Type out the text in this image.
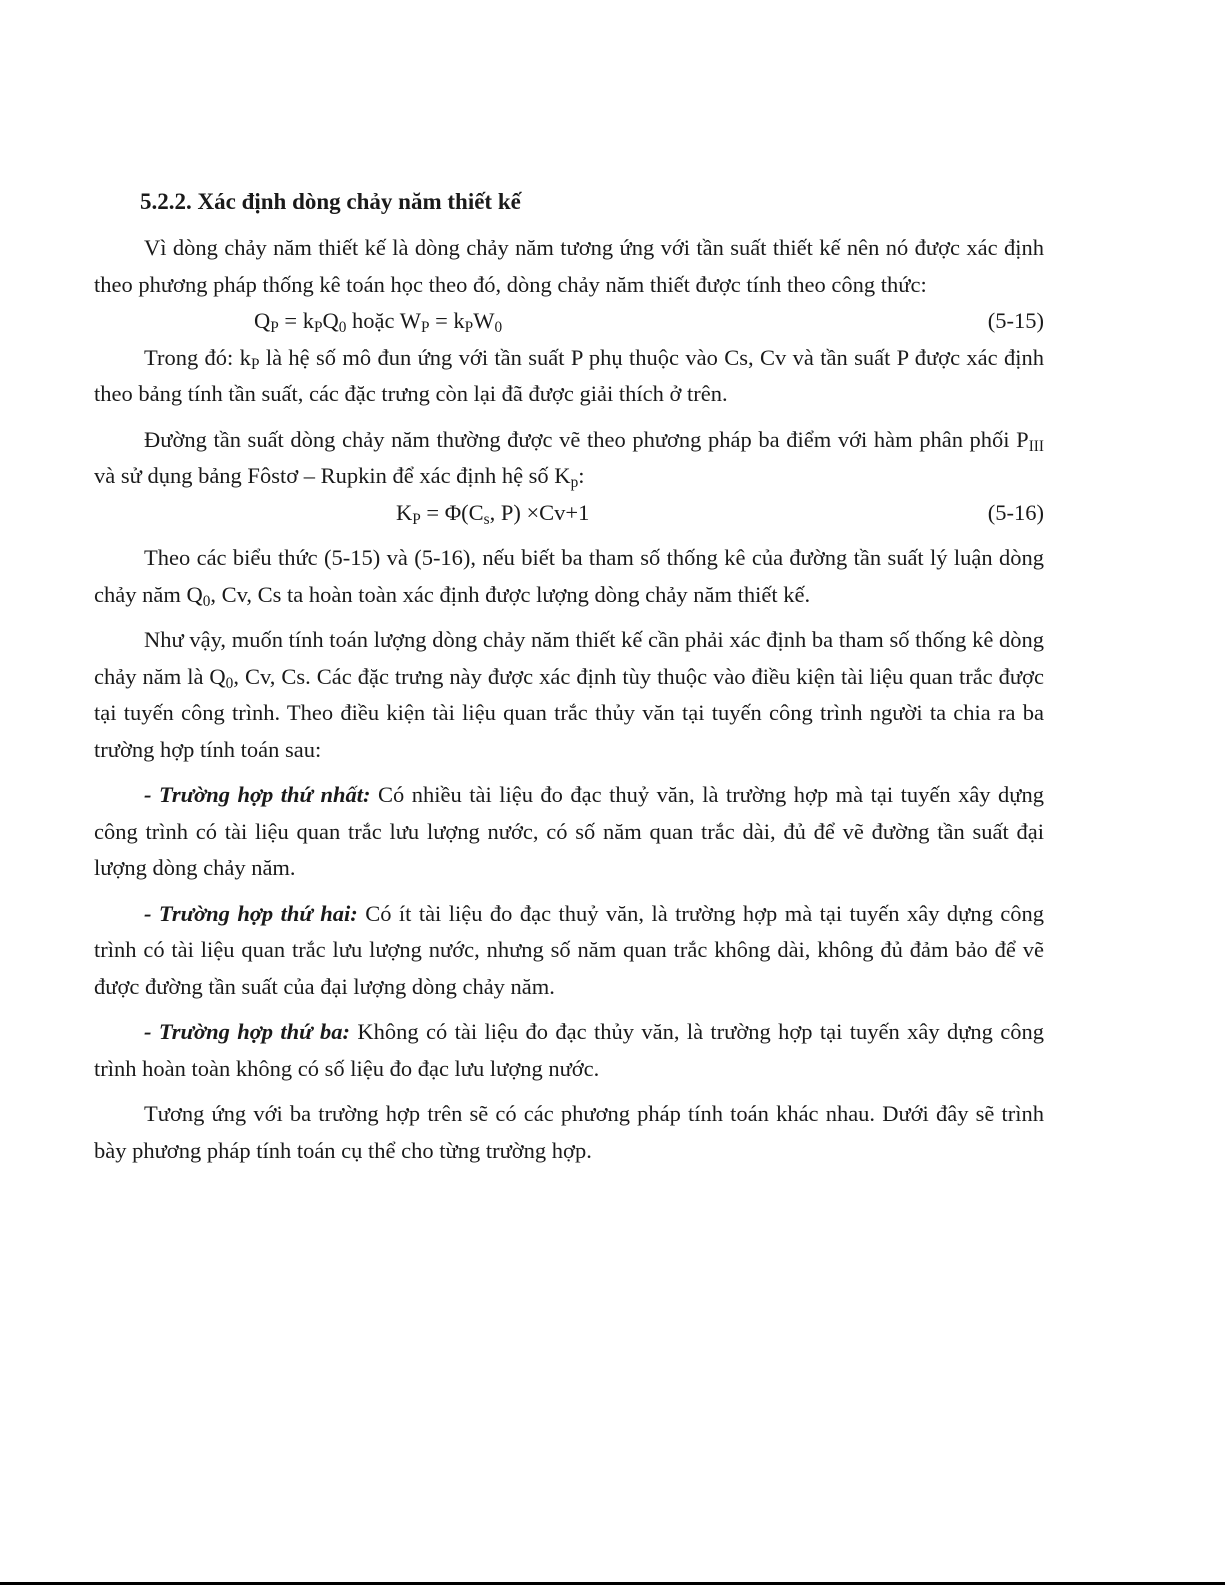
5.2.2. Xác định dòng chảy năm thiết kế

Vì dòng chảy năm thiết kế là dòng chảy năm tương ứng với tần suất thiết kế nên nó được xác định theo phương pháp thống kê toán học theo đó, dòng chảy năm thiết được tính theo công thức:

$Q_P = k_PQ_0$ hoặc $W_P = k_PW_0$	(5-15)

Trong đó: $k_P$ là hệ số mô đun ứng với tần suất P phụ thuộc vào Cs, Cv và tần suất P được xác định theo bảng tính tần suất, các đặc trưng còn lại đã được giải thích ở trên.

Đường tần suất dòng chảy năm thường được vẽ theo phương pháp ba điểm với hàm phân phối $P_{III}$ và sử dụng bảng Fôstơ – Rupkin để xác định hệ số $K_p$:

$K_P = \Phi(C_s$, P) ×Cv+1	(5-16)

Theo các biểu thức (5-15) và (5-16), nếu biết ba tham số thống kê của đường tần suất lý luận dòng chảy năm $Q_0$, Cv, Cs ta hoàn toàn xác định được lượng dòng chảy năm thiết kế.

Như vậy, muốn tính toán lượng dòng chảy năm thiết kế cần phải xác định ba tham số thống kê dòng chảy năm là $Q_0$, Cv, Cs. Các đặc trưng này được xác định tùy thuộc vào điều kiện tài liệu quan trắc được tại tuyến công trình. Theo điều kiện tài liệu quan trắc thủy văn tại tuyến công trình người ta chia ra ba trường hợp tính toán sau:

- Trường hợp thứ nhất: Có nhiều tài liệu đo đạc thuỷ văn, là trường hợp mà tại tuyến xây dựng công trình có tài liệu quan trắc lưu lượng nước, có số năm quan trắc dài, đủ để vẽ đường tần suất đại lượng dòng chảy năm.

- Trường hợp thứ hai: Có ít tài liệu đo đạc thuỷ văn, là trường hợp mà tại tuyến xây dựng công trình có tài liệu quan trắc lưu lượng nước, nhưng số năm quan trắc không dài, không đủ đảm bảo để vẽ được đường tần suất của đại lượng dòng chảy năm.

- Trường hợp thứ ba: Không có tài liệu đo đạc thủy văn, là trường hợp tại tuyến xây dựng công trình hoàn toàn không có số liệu đo đạc lưu lượng nước.

Tương ứng với ba trường hợp trên sẽ có các phương pháp tính toán khác nhau. Dưới đây sẽ trình bày phương pháp tính toán cụ thể cho từng trường hợp.
